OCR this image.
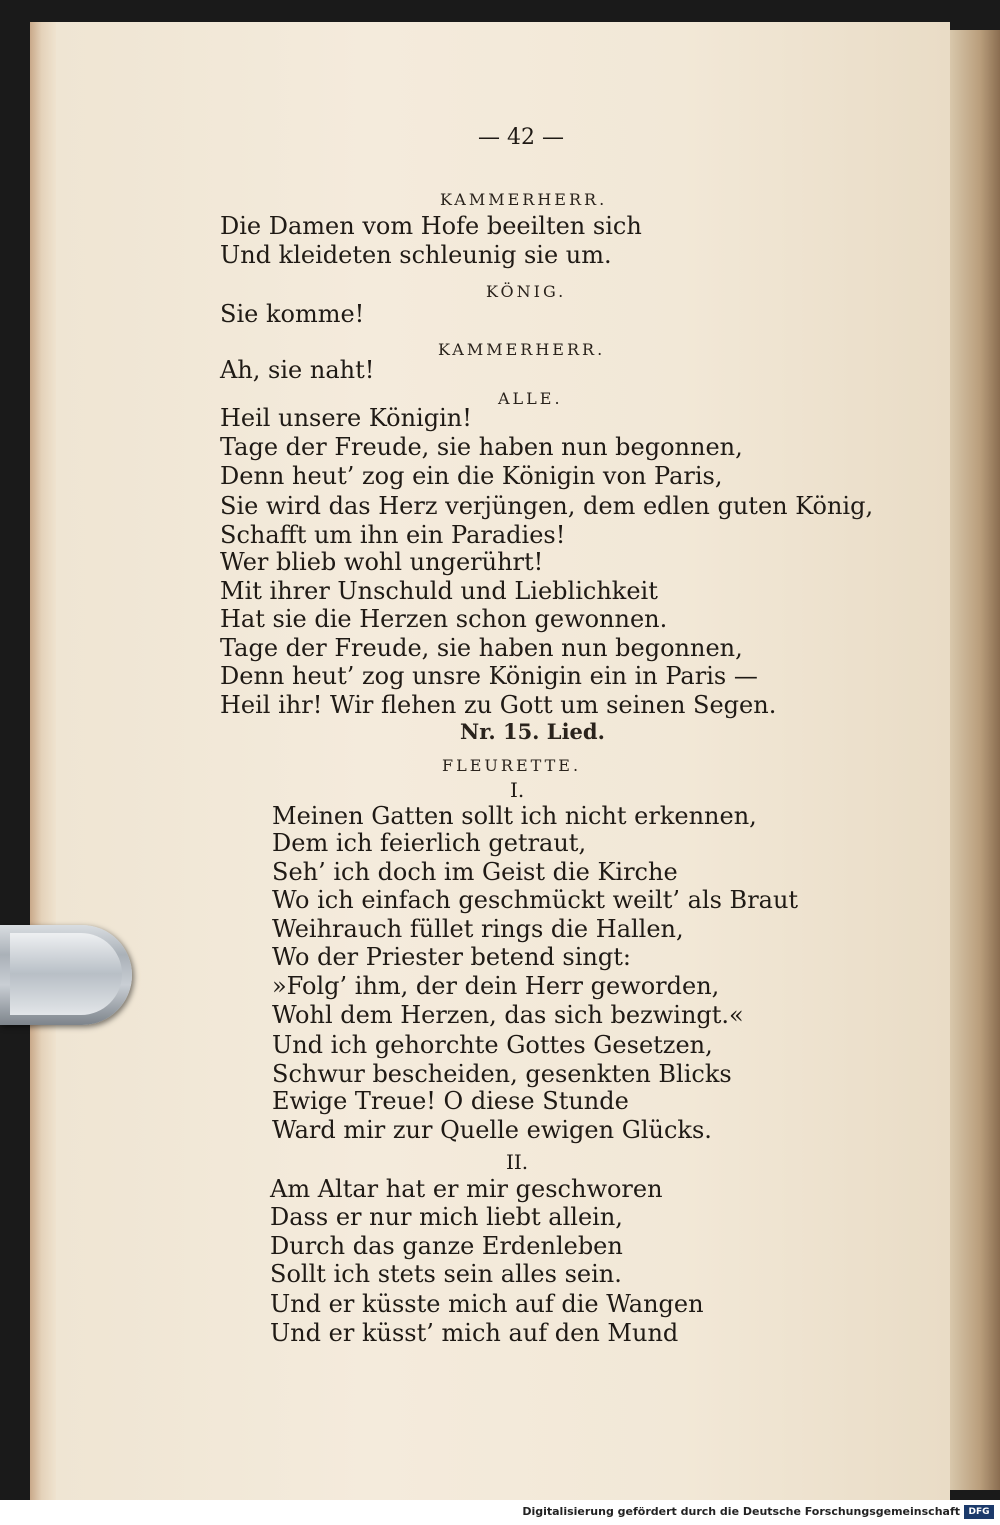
— 42 —
KAMMERHERR.
Die Damen vom Hofe beeilten sich
Und kleideten schleunig sie um.
KÖNIG.
Sie komme!
KAMMERHERR.
Ah, sie naht!
ALLE.
Heil unsere Königin!
Tage der Freude, sie haben nun begonnen,
Denn heut’ zog ein die Königin von Paris,
Sie wird das Herz verjüngen, dem edlen guten König,
Schafft um ihn ein Paradies!
Wer blieb wohl ungerührt!
Mit ihrer Unschuld und Lieblichkeit
Hat sie die Herzen schon gewonnen.
Tage der Freude, sie haben nun begonnen,
Denn heut’ zog unsre Königin ein in Paris —
Heil ihr! Wir flehen zu Gott um seinen Segen.
Nr. 15. Lied.
FLEURETTE.
I.
Meinen Gatten sollt ich nicht erkennen,
Dem ich feierlich getraut,
Seh’ ich doch im Geist die Kirche
Wo ich einfach geschmückt weilt’ als Braut
Weihrauch füllet rings die Hallen,
Wo der Priester betend singt:
»Folg’ ihm, der dein Herr geworden,
Wohl dem Herzen, das sich bezwingt.«
Und ich gehorchte Gottes Gesetzen,
Schwur bescheiden, gesenkten Blicks
Ewige Treue! O diese Stunde
Ward mir zur Quelle ewigen Glücks.
II.
Am Altar hat er mir geschworen
Dass er nur mich liebt allein,
Durch das ganze Erdenleben
Sollt ich stets sein alles sein.
Und er küsste mich auf die Wangen
Und er küsst’ mich auf den Mund
Digitalisierung gefördert durch die Deutsche Forschungsgemeinschaft DFG
